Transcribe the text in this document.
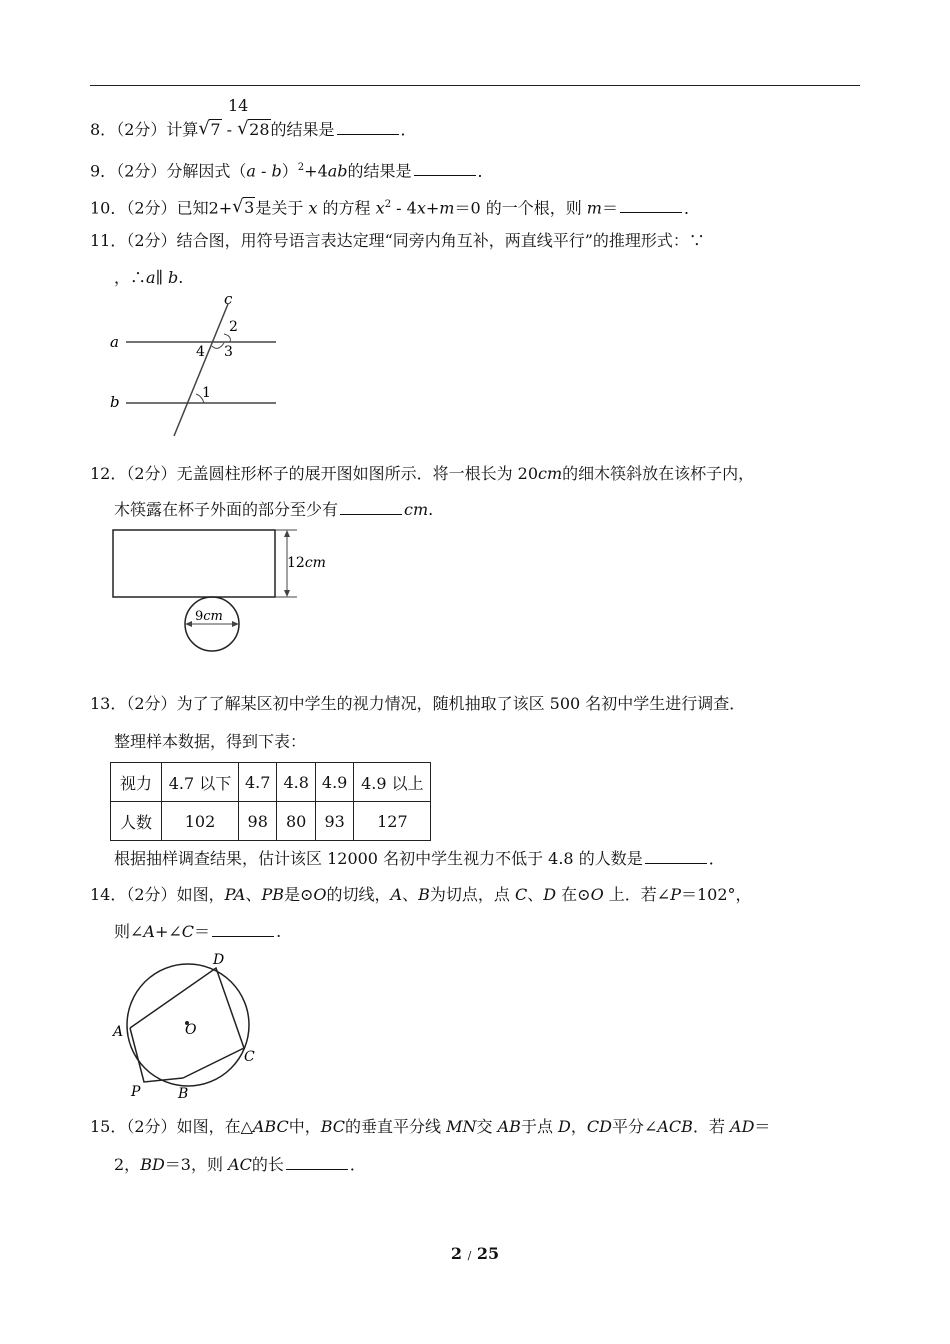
14
8．（2分）计算 √ 7 - √ 28的结果是	．
9．（2分）分解因式（a - b）$^2$+4ab的结果是	．
10．（2分）已知2+ √ 3是关于 x 的方程 $x^2 - 4x+m=0$ 的一个根，则 m＝	．
11．（2分）结合图，用符号语言表达定理“同旁内角互补，两直线平行”的推理形式：∵
，∴a∥ b.
c
a
b
2
3
4
1
12．（2分）无盖圆柱形杯子的展开图如图所示．将一根长为 20cm的细木筷斜放在该杯子内，
木筷露在杯子外面的部分至少有	cm.
12cm
9cm
13．（2分）为了了解某区初中学生的视力情况，随机抽取了该区 500 名初中学生进行调查．
整理样本数据，得到下表：
视力	4.7 以下	4.7	4.8	4.9	4.9 以上
人数	102	98	80	93	127
根据抽样调查结果，估计该区 12000 名初中学生视力不低于 4.8 的人数是	．
14．（2分）如图，PA、PB是⊙O的切线，A、B为切点，点 C、D 在⊙O 上．若∠P＝102°，
则∠A+∠C＝	.
D
A	O
C
P	B
15．（2分）如图，在△ABC中，BC的垂直平分线 MN交 AB于点 D，CD平分∠ACB．若 AD＝
2，BD＝3，则 AC的长	．
2 / 25
